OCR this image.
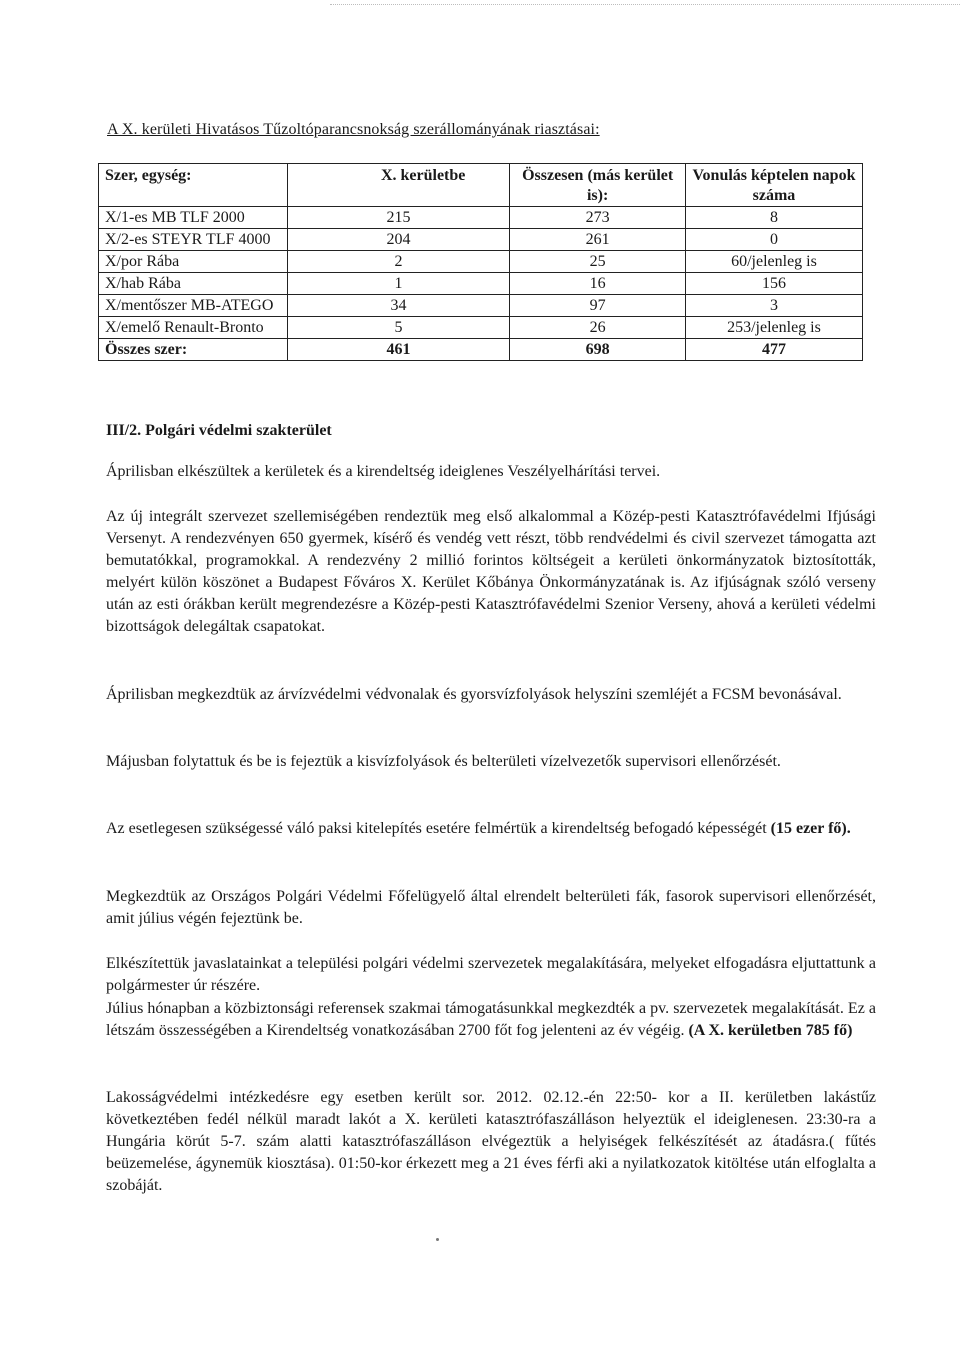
A X. kerületi Hivatásos Tűzoltóparancsnokság szerállományának riasztásai:
Szer, egység:	X. kerületbe	Összesen (más kerület is):	Vonulás képtelen napok száma
X/1-es MB TLF 2000	215	273	8
X/2-es STEYR TLF 4000	204	261	0
X/por Rába	2	25	60/jelenleg is
X/hab Rába	1	16	156
X/mentőszer MB-ATEGO	34	97	3
X/emelő Renault-Bronto	5	26	253/jelenleg is
Összes szer:	461	698	477
III/2. Polgári védelmi szakterület

Áprilisban elkészültek a kerületek és a kirendeltség ideiglenes Veszélyelhárítási tervei.

Az új integrált szervezet szellemiségében rendeztük meg első alkalommal a Közép-pesti Katasztrófavédelmi Ifjúsági Versenyt. A rendezvényen 650 gyermek, kísérő és vendég vett részt, több rendvédelmi és civil szervezet támogatta azt bemutatókkal, programokkal. A rendezvény 2 millió forintos költségeit a kerületi önkormányzatok biztosították, melyért külön köszönet a Budapest Főváros X. Kerület Kőbánya Önkormányzatának is. Az ifjúságnak szóló verseny után az esti órákban került megrendezésre a Közép-pesti Katasztrófavédelmi Szenior Verseny, ahová a kerületi védelmi bizottságok delegáltak csapatokat.

Áprilisban megkezdtük az árvízvédelmi védvonalak és gyorsvízfolyások helyszíni szemléjét a FCSM bevonásával.

Májusban folytattuk és be is fejeztük a kisvízfolyások és belterületi vízelvezetők supervisori ellenőrzését.

Az esetlegesen szükségessé váló paksi kitelepítés esetére felmértük a kirendeltség befogadó képességét (15 ezer fő).

Megkezdtük az Országos Polgári Védelmi Főfelügyelő által elrendelt belterületi fák, fasorok supervisori ellenőrzését, amit július végén fejeztünk be.

Elkészítettük javaslatainkat a települési polgári védelmi szervezetek megalakítására, melyeket elfogadásra eljuttattunk a polgármester úr részére.

Július hónapban a közbiztonsági referensek szakmai támogatásunkkal megkezdték a pv. szervezetek megalakítását. Ez a létszám összességében a Kirendeltség vonatkozásában 2700 főt fog jelenteni az év végéig. (A X. kerületben 785 fő)

Lakosságvédelmi intézkedésre egy esetben került sor. 2012. 02.12.-én 22:50- kor a II. kerületben lakástűz következtében fedél nélkül maradt lakót a X. kerületi katasztrófaszálláson helyeztük el ideiglenesen. 23:30-ra a Hungária körút 5-7. szám alatti katasztrófaszálláson elvégeztük a helyiségek felkészítését az átadásra.( fűtés beüzemelése, ágynemük kiosztása). 01:50-kor érkezett meg a 21 éves férfi aki a nyilatkozatok kitöltése után elfoglalta a szobáját.
